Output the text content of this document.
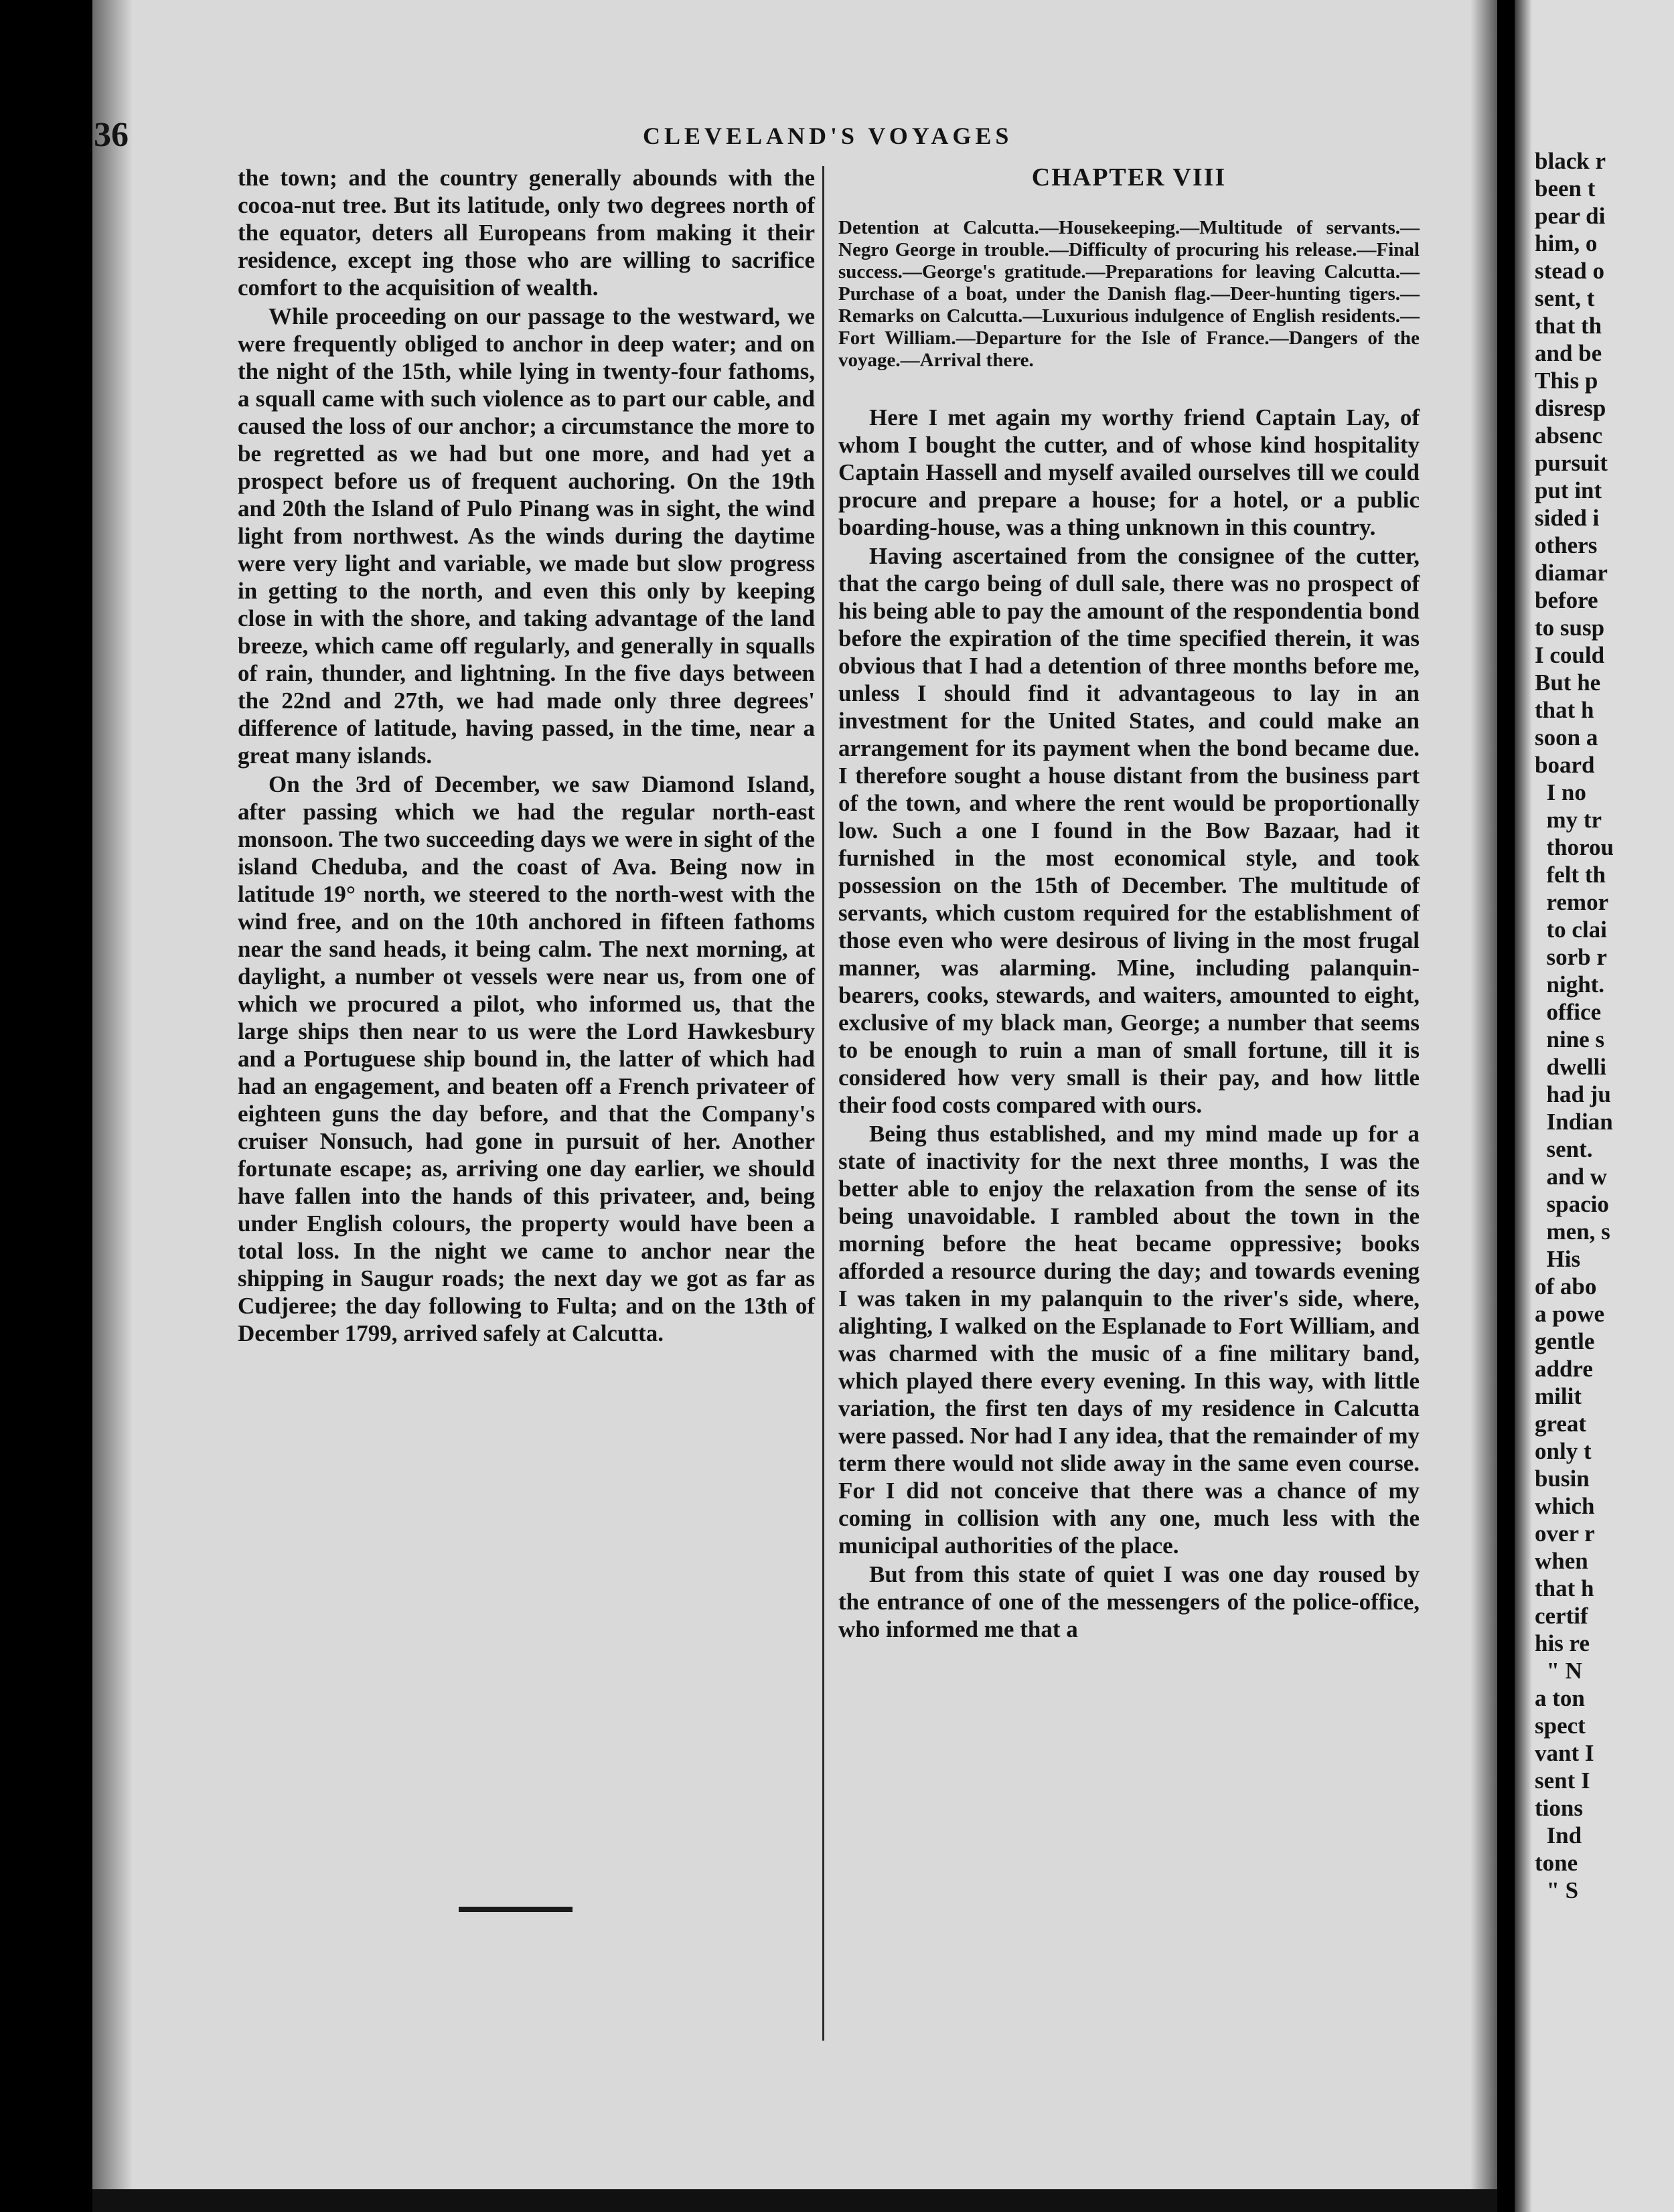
36	CLEVELAND'S VOYAGES

the town; and the country generally abounds with the cocoa-nut tree. But its latitude, only two degrees north of the equator, deters all Europeans from making it their residence, except ing those who are willing to sacrifice comfort to the acquisition of wealth.

While proceeding on our passage to the westward, we were frequently obliged to anchor in deep water; and on the night of the 15th, while lying in twenty-four fathoms, a squall came with such violence as to part our cable, and caused the loss of our anchor; a circumstance the more to be regretted as we had but one more, and had yet a prospect before us of frequent auchoring. On the 19th and 20th the Island of Pulo Pinang was in sight, the wind light from northwest. As the winds during the daytime were very light and variable, we made but slow progress in getting to the north, and even this only by keeping close in with the shore, and taking advantage of the land breeze, which came off regularly, and generally in squalls of rain, thunder, and lightning. In the five days between the 22nd and 27th, we had made only three degrees' difference of latitude, having passed, in the time, near a great many islands.

On the 3rd of December, we saw Diamond Island, after passing which we had the regular north-east monsoon. The two succeeding days we were in sight of the island Cheduba, and the coast of Ava. Being now in latitude 19° north, we steered to the north-west with the wind free, and on the 10th anchored in fifteen fathoms near the sand heads, it being calm. The next morning, at daylight, a number ot vessels were near us, from one of which we procured a pilot, who informed us, that the large ships then near to us were the Lord Hawkesbury and a Portuguese ship bound in, the latter of which had had an engagement, and beaten off a French privateer of eighteen guns the day before, and that the Company's cruiser Nonsuch, had gone in pursuit of her. Another fortunate escape; as, arriving one day earlier, we should have fallen into the hands of this privateer, and, being under English colours, the property would have been a total loss. In the night we came to anchor near the shipping in Saugur roads; the next day we got as far as Cudjeree; the day following to Fulta; and on the 13th of December 1799, arrived safely at Calcutta.

CHAPTER VIII
Detention at Calcutta.—Housekeeping.—Multitude of servants.—Negro George in trouble.—Difficulty of procuring his release.—Final success.—George's gratitude.—Preparations for leaving Calcutta.—Purchase of a boat, under the Danish flag.—Deer-hunting tigers.—Remarks on Calcutta.—Luxurious indulgence of English residents.—Fort William.—Departure for the Isle of France.—Dangers of the voyage.—Arrival there.

Here I met again my worthy friend Captain Lay, of whom I bought the cutter, and of whose kind hospitality Captain Hassell and myself availed ourselves till we could procure and prepare a house; for a hotel, or a public boarding-house, was a thing unknown in this country.

Having ascertained from the consignee of the cutter, that the cargo being of dull sale, there was no prospect of his being able to pay the amount of the respondentia bond before the expiration of the time specified therein, it was obvious that I had a detention of three months before me, unless I should find it advantageous to lay in an investment for the United States, and could make an arrangement for its payment when the bond became due. I therefore sought a house distant from the business part of the town, and where the rent would be proportionally low. Such a one I found in the Bow Bazaar, had it furnished in the most economical style, and took possession on the 15th of December. The multitude of servants, which custom required for the establishment of those even who were desirous of living in the most frugal manner, was alarming. Mine, including palanquin-bearers, cooks, stewards, and waiters, amounted to eight, exclusive of my black man, George; a number that seems to be enough to ruin a man of small fortune, till it is considered how very small is their pay, and how little their food costs compared with ours.

Being thus established, and my mind made up for a state of inactivity for the next three months, I was the better able to enjoy the relaxation from the sense of its being unavoidable. I rambled about the town in the morning before the heat became oppressive; books afforded a resource during the day; and towards evening I was taken in my palanquin to the river's side, where, alighting, I walked on the Esplanade to Fort William, and was charmed with the music of a fine military band, which played there every evening. In this way, with little variation, the first ten days of my residence in Calcutta were passed. Nor had I any idea, that the remainder of my term there would not slide away in the same even course. For I did not conceive that there was a chance of my coming in collision with any one, much less with the municipal authorities of the place.

But from this state of quiet I was one day roused by the entrance of one of the messengers of the police-office, who informed me that a

black r
been t
pear di
him, o
stead o
sent, t
that th
and be
This p
disresp
absenc
pursuit
put int
sided i
others
diamar
before
to susp
I could
But he
that h
soon a
board
I no
my tr
thorou
felt th
remor
to clai
sorb r
night.
office
nine s
dwelli
had ju
Indian
sent.
and w
spacio
men, s
His
of abo
a powe
gentle
addre
milit
great
only t
busin
which
over r
when
that h
certif
his re
" N
a ton
spect
vant I
sent I
tions
Ind
tone
" S
